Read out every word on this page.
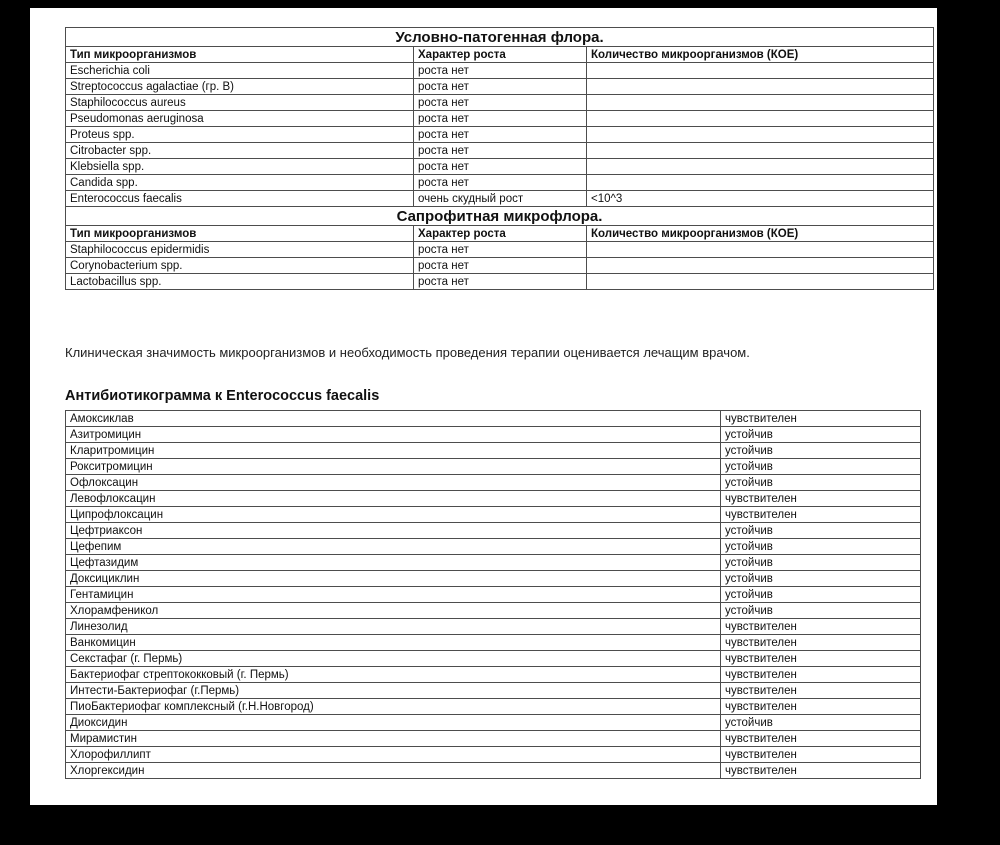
Условно-патогенная флора.		
Тип микроорганизмов	Характер роста	Количество микроорганизмов (КОЕ)
Escherichia coli	роста нет	
Streptococcus agalactiae (гр. B)	роста нет	
Staphilococcus aureus	роста нет	
Pseudomonas aeruginosa	роста нет	
Proteus spp.	роста нет	
Citrobacter spp.	роста нет	
Klebsiella spp.	роста нет	
Candida spp.	роста нет	
Enterococcus faecalis	очень скудный рост	<10^3
Сапрофитная микрофлора.		
Тип микроорганизмов	Характер роста	Количество микроорганизмов (КОЕ)
Staphilococcus epidermidis	роста нет	
Corynobacterium spp.	роста нет	
Lactobacillus spp.	роста нет	
Клиническая значимость микроорганизмов и необходимость проведения терапии оценивается лечащим врачом.
Антибиотикограмма к Enterococcus faecalis
Амоксиклав	чувствителен
Азитромицин	устойчив
Кларитромицин	устойчив
Рокситромицин	устойчив
Офлоксацин	устойчив
Левофлоксацин	чувствителен
Ципрофлоксацин	чувствителен
Цефтриаксон	устойчив
Цефепим	устойчив
Цефтазидим	устойчив
Доксициклин	устойчив
Гентамицин	устойчив
Хлорамфеникол	устойчив
Линезолид	чувствителен
Ванкомицин	чувствителен
Секстафаг (г. Пермь)	чувствителен
Бактериофаг стрептококковый (г. Пермь)	чувствителен
Интести-Бактериофаг (г.Пермь)	чувствителен
ПиоБактериофаг комплексный (г.Н.Новгород)	чувствителен
Диоксидин	устойчив
Мирамистин	чувствителен
Хлорофиллипт	чувствителен
Хлоргексидин	чувствителен
